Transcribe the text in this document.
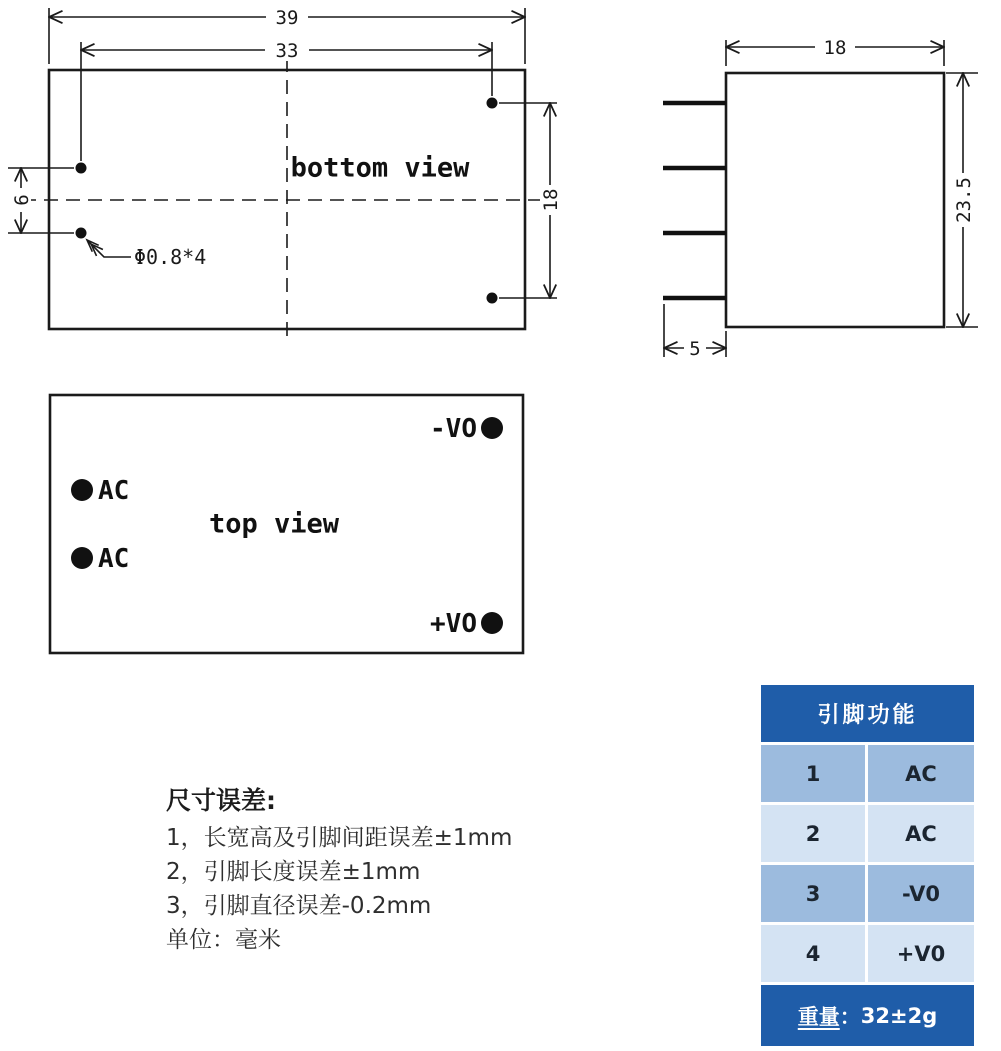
39
33
6	18
Φ0.8*4
bottom view
18
5
23.5
-VO
AC
AC
+VO
top view
尺寸误差:
1，长宽高及引脚间距误差±1mm
2，引脚长度误差±1mm
3，引脚直径误差-0.2mm
单位：毫米
引脚功能
1	AC
2	AC
3	-V0
4	+V0
重量 ： 32±2g
